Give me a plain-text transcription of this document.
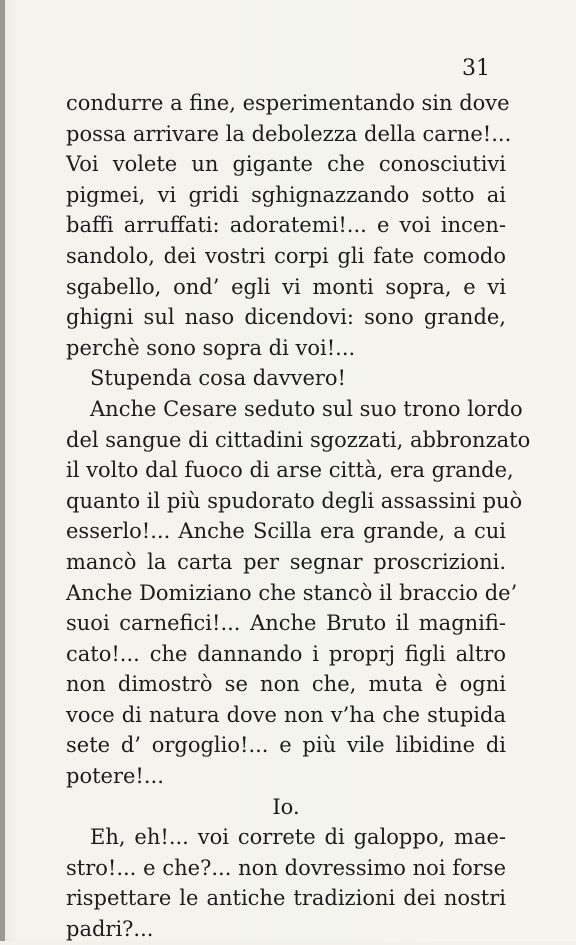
31
condurre a fine, esperimentando sin dove
possa arrivare la debolezza della carne!...
Voi volete un gigante che conosciutivi
pigmei, vi gridi sghignazzando sotto ai
baffi arruffati: adoratemi!... e voi incen-
sandolo, dei vostri corpi gli fate comodo
sgabello, ond’ egli vi monti sopra, e vi
ghigni sul naso dicendovi: sono grande,
perchè sono sopra di voi!...
Stupenda cosa davvero!
Anche Cesare seduto sul suo trono lordo
del sangue di cittadini sgozzati, abbronzato
il volto dal fuoco di arse città, era grande,
quanto il più spudorato degli assassini può
esserlo!... Anche Scilla era grande, a cui
mancò la carta per segnar proscrizioni.
Anche Domiziano che stancò il braccio de’
suoi carnefici!... Anche Bruto il magnifi-
cato!... che dannando i proprj figli altro
non dimostrò se non che, muta è ogni
voce di natura dove non v’ha che stupida
sete d’ orgoglio!... e più vile libidine di
potere!...
Io.
Eh, eh!... voi correte di galoppo, mae-
stro!... e che?... non dovressimo noi forse
rispettare le antiche tradizioni dei nostri
padri?...
